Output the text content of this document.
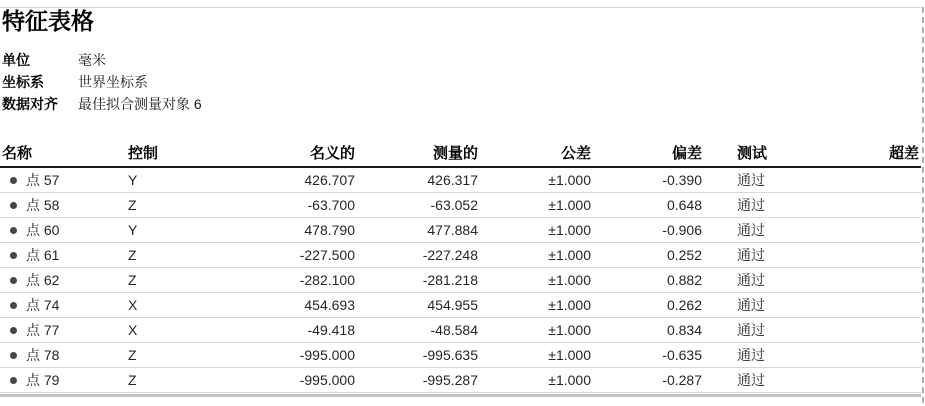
特征表格
单位	毫米
坐标系 世界坐标系
数据对齐 最佳拟合测量对象 6
名称	控制	名义的	测量的	公差	偏差	测试	超差
点 57	Y	426.707	426.317	±1.000	-0.390	通过	
点 58	Z	-63.700	-63.052	±1.000	0.648	通过	
点 60	Y	478.790	477.884	±1.000	-0.906	通过	
点 61	Z	-227.500	-227.248	±1.000	0.252	通过	
点 62	Z	-282.100	-281.218	±1.000	0.882	通过	
点 74	X	454.693	454.955	±1.000	0.262	通过	
点 77	X	-49.418	-48.584	±1.000	0.834	通过	
点 78	Z	-995.000	-995.635	±1.000	-0.635	通过	
点 79	Z	-995.000	-995.287	±1.000	-0.287	通过	
